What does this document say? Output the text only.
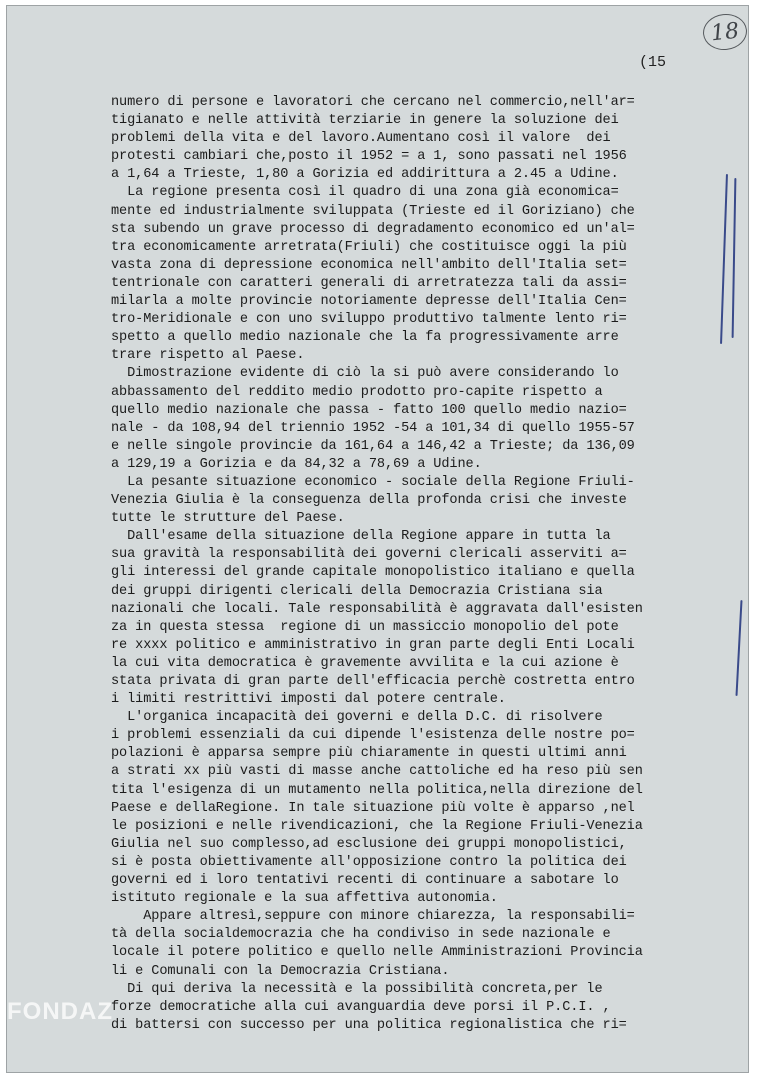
18
(15
numero di persone e lavoratori che cercano nel commercio,nell'ar=
tigianato e nelle attività terziarie in genere la soluzione dei
problemi della vita e del lavoro.Aumentano così il valore  dei
protesti cambiari che,posto il 1952 = a 1, sono passati nel 1956
a 1,64 a Trieste, 1,80 a Gorizia ed addirittura a 2.45 a Udine.
La regione presenta così il quadro di una zona già economica=
mente ed industrialmente sviluppata (Trieste ed il Goriziano) che
sta subendo un grave processo di degradamento economico ed un'al=
tra economicamente arretrata(Friuli) che costituisce oggi la più
vasta zona di depressione economica nell'ambito dell'Italia set=
tentrionale con caratteri generali di arretratezza tali da assi=
milarla a molte provincie notoriamente depresse dell'Italia Cen=
tro-Meridionale e con uno sviluppo produttivo talmente lento ri=
spetto a quello medio nazionale che la fa progressivamente arre
trare rispetto al Paese.
Dimostrazione evidente di ciò la si può avere considerando lo
abbassamento del reddito medio prodotto pro-capite rispetto a
quello medio nazionale che passa - fatto 100 quello medio nazio=
nale - da 108,94 del triennio 1952 -54 a 101,34 di quello 1955-57
e nelle singole provincie da 161,64 a 146,42 a Trieste; da 136,09
a 129,19 a Gorizia e da 84,32 a 78,69 a Udine.
La pesante situazione economico - sociale della Regione Friuli-
Venezia Giulia è la conseguenza della profonda crisi che investe
tutte le strutture del Paese.
Dall'esame della situazione della Regione appare in tutta la
sua gravità la responsabilità dei governi clericali asserviti a=
gli interessi del grande capitale monopolistico italiano e quella
dei gruppi dirigenti clericali della Democrazia Cristiana sia
nazionali che locali. Tale responsabilità è aggravata dall'esisten
za in questa stessa  regione di un massiccio monopolio del pote
re xxxx politico e amministrativo in gran parte degli Enti Locali
la cui vita democratica è gravemente avvilita e la cui azione è
stata privata di gran parte dell'efficacia perchè costretta entro
i limiti restrittivi imposti dal potere centrale.
L'organica incapacità dei governi e della D.C. di risolvere
i problemi essenziali da cui dipende l'esistenza delle nostre po=
polazioni è apparsa sempre più chiaramente in questi ultimi anni
a strati xx più vasti di masse anche cattoliche ed ha reso più sen
tita l'esigenza di un mutamento nella politica,nella direzione del
Paese e dellaRegione. In tale situazione più volte è apparso ,nel
le posizioni e nelle rivendicazioni, che la Regione Friuli-Venezia
Giulia nel suo complesso,ad esclusione dei gruppi monopolistici,
si è posta obiettivamente all'opposizione contro la politica dei
governi ed i loro tentativi recenti di continuare a sabotare lo
istituto regionale e la sua affettiva autonomia.
Appare altresì,seppure con minore chiarezza, la responsabili=
tà della socialdemocrazia che ha condiviso in sede nazionale e
locale il potere politico e quello nelle Amministrazioni Provincia
li e Comunali con la Democrazia Cristiana.
Di qui deriva la necessità e la possibilità concreta,per le
forze democratiche alla cui avanguardia deve porsi il P.C.I. ,
di battersi con successo per una politica regionalistica che ri=
FONDAZ
